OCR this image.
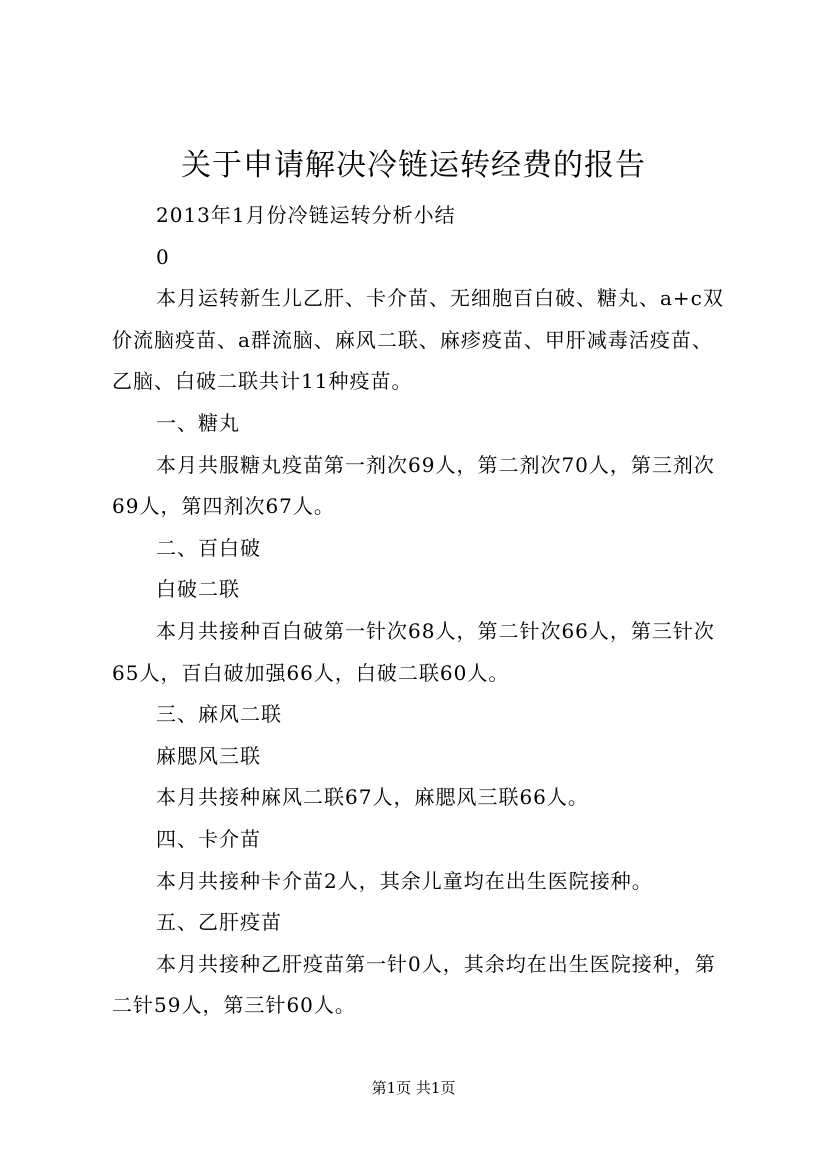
关于申请解决冷链运转经费的报告

2013年1月份冷链运转分析小结

0

本月运转新生儿乙肝、卡介苗、无细胞百白破、糖丸、a+c双价流脑疫苗、a群流脑、麻风二联、麻疹疫苗、甲肝减毒活疫苗、乙脑、白破二联共计11种疫苗。

一、糖丸

本月共服糖丸疫苗第一剂次69人，第二剂次70人，第三剂次69人，第四剂次67人。

二、百白破

白破二联

本月共接种百白破第一针次68人，第二针次66人，第三针次65人，百白破加强66人，白破二联60人。

三、麻风二联

麻腮风三联

本月共接种麻风二联67人，麻腮风三联66人。

四、卡介苗

本月共接种卡介苗2人，其余儿童均在出生医院接种。

五、乙肝疫苗

本月共接种乙肝疫苗第一针0人，其余均在出生医院接种，第二针59人，第三针60人。

第1页 共1页
